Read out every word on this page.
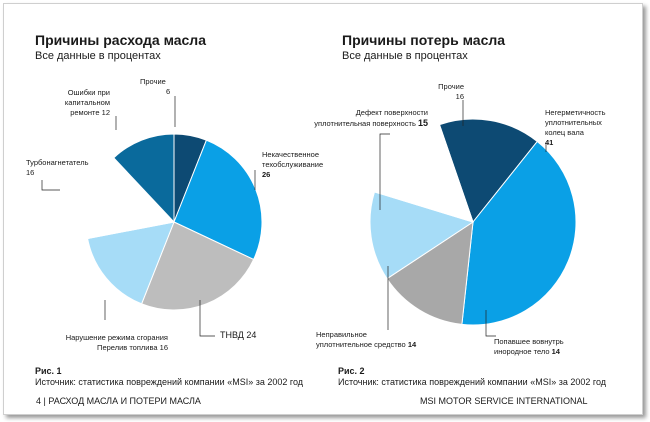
Причины расхода масла
Все данные в процентах
Причины потерь масла
Все данные в процентах
Прочие
6
Ошибки при
капитальном
ремонте 12
Турбонагнетатель
16
Некачественное
техобслуживание
26
ТНВД 24
Нарушение режима сгорания
Перелив топлива 16
Прочие
16
Негерметичность
уплотнительных
колец вала
41
Дефект поверхности
уплотнительная поверхность 15
Неправильное
уплотнительное средство 14	Попавшее вовнутрь
инородное тело 14
Рис. 1
Источник: статистика повреждений компании «MSI» за 2002 год
Рис. 2
Источник: статистика повреждений компании «MSI» за 2002 год
4 | РАСХОД МАСЛА И ПОТЕРИ МАСЛА	MSI MOTOR SERVICE INTERNATIONAL
